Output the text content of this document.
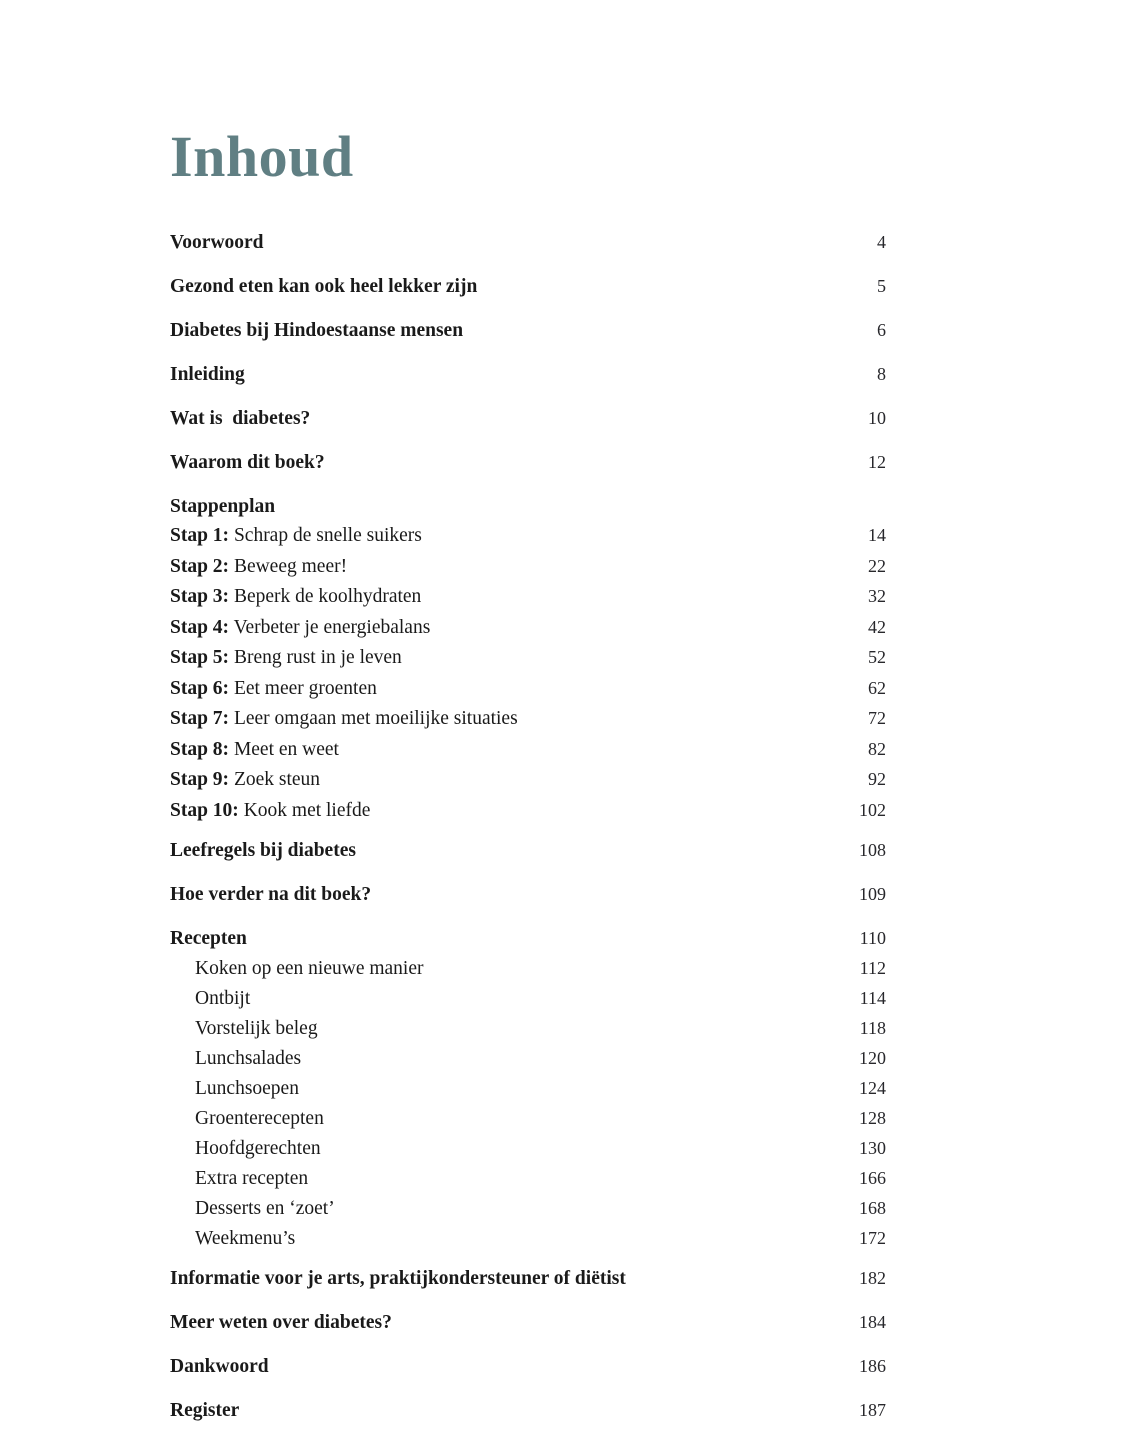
Inhoud
Voorwoord	4
Gezond eten kan ook heel lekker zijn	5
Diabetes bij Hindoestaanse mensen	6
Inleiding	8
Wat is  diabetes?	10
Waarom dit boek?	12
Stappenplan
Stap 1: Schrap de snelle suikers	14
Stap 2: Beweeg meer!	22
Stap 3: Beperk de koolhydraten	32
Stap 4: Verbeter je energiebalans	42
Stap 5: Breng rust in je leven	52
Stap 6: Eet meer groenten	62
Stap 7: Leer omgaan met moeilijke situaties	72
Stap 8: Meet en weet	82
Stap 9: Zoek steun	92
Stap 10: Kook met liefde	102
Leefregels bij diabetes	108
Hoe verder na dit boek?	109
Recepten	110
Koken op een nieuwe manier	112
Ontbijt	114
Vorstelijk beleg	118
Lunchsalades	120
Lunchsoepen	124
Groenterecepten	128
Hoofdgerechten	130
Extra recepten	166
Desserts en ‘zoet’	168
Weekmenu’s	172
Informatie voor je arts, praktijkondersteuner of diëtist	182
Meer weten over diabetes?	184
Dankwoord	186
Register	187
